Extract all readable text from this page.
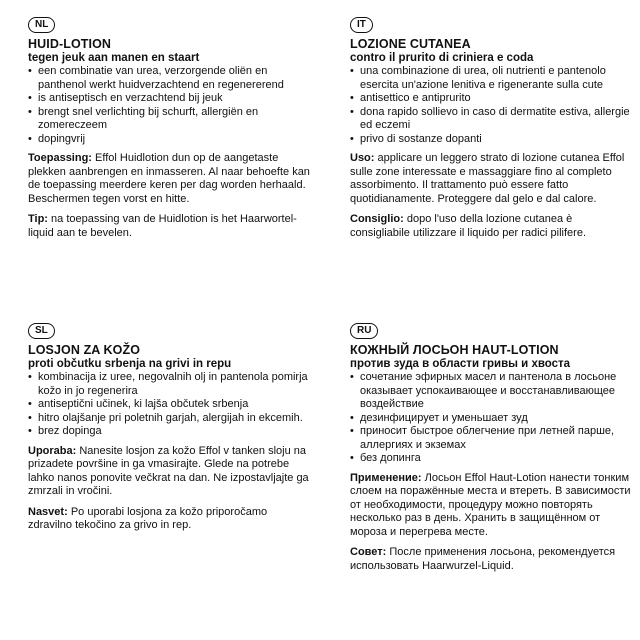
NL
HUID-LOTION
tegen jeuk aan manen en staart
• een combinatie van urea, verzorgende oliën en panthenol werkt huidverzachtend en regenererend
• is antiseptisch en verzachtend bij jeuk
• brengt snel verlichting bij schurft, allergiën en zomereczeem
• dopingvrij

Toepassing: Effol Huidlotion dun op de aangetaste plekken aanbrengen en inmasseren. Al naar behoefte kan de toepassing meerdere keren per dag worden herhaald. Beschermen tegen vorst en hitte.

Tip: na toepassing van de Huidlotion is het Haarwortel-liquid aan te bevelen.

IT
LOZIONE CUTANEA
contro il prurito di criniera e coda
• una combinazione di urea, oli nutrienti e pantenolo esercita un'azione lenitiva e rigenerante sulla cute
• antisettico e antiprurito
• dona rapido sollievo in caso di dermatite estiva, allergie ed eczemi
• privo di sostanze dopanti

Uso: applicare un leggero strato di lozione cutanea Effol sulle zone interessate e massaggiare fino al completo assorbimento. Il trattamento può essere fatto quotidianamente. Proteggere dal gelo e dal calore.

Consiglio: dopo l'uso della lozione cutanea è consigliabile utilizzare il liquido per radici pilifere.

SL
LOSJON ZA KOŽO
proti občutku srbenja na grivi in repu
• kombinacija iz uree, negovalnih olj in pantenola pomirja kožo in jo regenerira
• antiseptični učinek, ki lajša občutek srbenja
• hitro olajšanje pri poletnih garjah, alergijah in ekcemih.
• brez dopinga

Uporaba: Nanesite losjon za kožo Effol v tanken sloju na prizadete površine in ga vmasirajte. Glede na potrebe lahko nanos ponovite večkrat na dan. Ne izpostavljajte ga zmrzali in vročini.

Nasvet: Po uporabi losjona za kožo priporočamo zdravilno tekočino za grivo in rep.

RU
КОЖНЫЙ ЛОСЬОН HAUT-LOTION
против зуда в области гривы и хвоста
• сочетание эфирных масел и пантенола в лосьоне оказывает успокаивающее и восстанавливающее воздействие
• дезинфицирует и уменьшает зуд
• приносит быстрое облегчение при летней парше, аллергиях и экземах
• без допинга

Применение: Лосьон Effol Haut-Lotion нанести тонким слоем на поражённые места и втереть. В зависимости от необходимости, процедуру можно повторять несколько раз в день. Хранить в защищённом от мороза и перегрева месте.

Совет: После применения лосьона, рекомендуется использовать Haarwurzel-Liquid.
